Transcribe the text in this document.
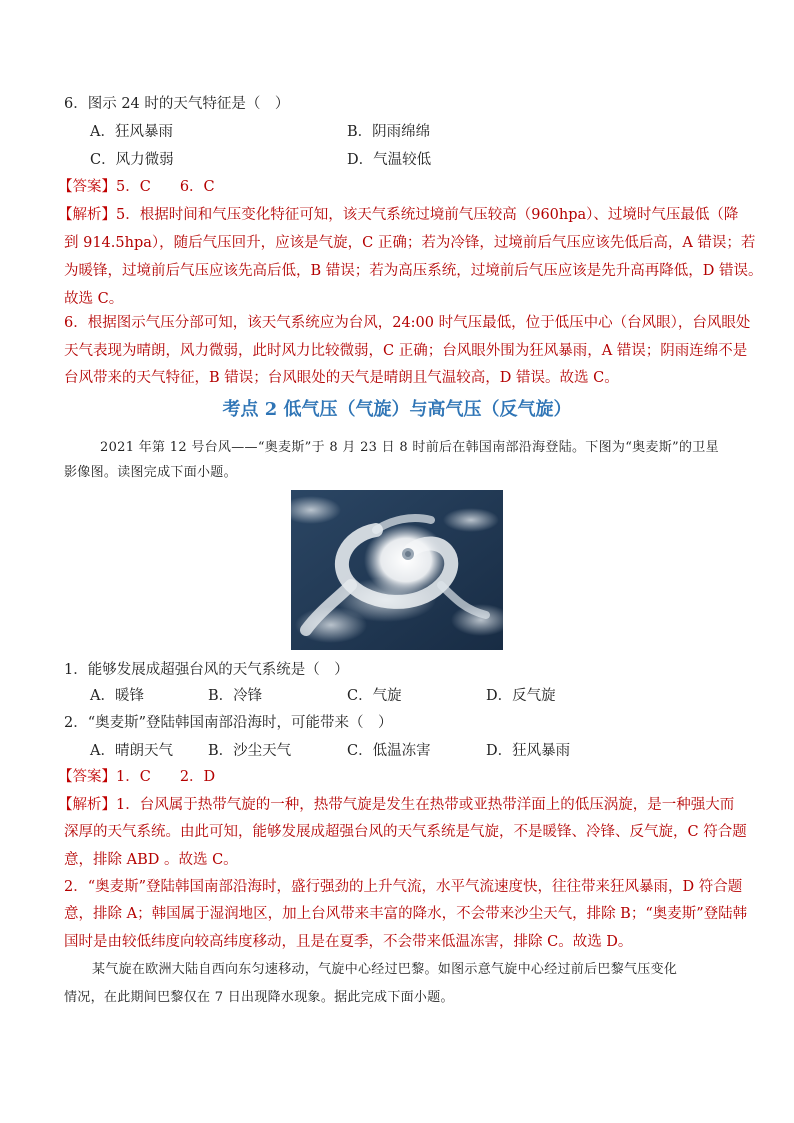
6．图示 24 时的天气特征是（　）
A．狂风暴雨	B．阴雨绵绵
C．风力微弱	D．气温较低
【答案】5．C　　6．C
【解析】5．根据时间和气压变化特征可知，该天气系统过境前气压较高（960hpa）、过境时气压最低（降
到 914.5hpa），随后气压回升，应该是气旋，C 正确；若为冷锋，过境前后气压应该先低后高，A 错误；若
为暖锋，过境前后气压应该先高后低，B 错误；若为高压系统，过境前后气压应该是先升高再降低，D 错误。
故选 C。
6．根据图示气压分部可知，该天气系统应为台风，24:00 时气压最低，位于低压中心（台风眼），台风眼处
天气表现为晴朗，风力微弱，此时风力比较微弱，C 正确；台风眼外围为狂风暴雨，A 错误；阴雨连绵不是
台风带来的天气特征，B 错误；台风眼处的天气是晴朗且气温较高，D 错误。故选 C。
考点 2 低气压（气旋）与高气压（反气旋）
2021 年第 12 号台风——“奥麦斯”于 8 月 23 日 8 时前后在韩国南部沿海登陆。下图为“奥麦斯”的卫星
影像图。读图完成下面小题。
1．能够发展成超强台风的天气系统是（　）
A．暖锋	B．冷锋	C．气旋	D．反气旋
2．“奥麦斯”登陆韩国南部沿海时，可能带来（　）
A．晴朗天气 B．沙尘天气	C．低温冻害	D．狂风暴雨
【答案】1．C　　2．D
【解析】1．台风属于热带气旋的一种，热带气旋是发生在热带或亚热带洋面上的低压涡旋，是一种强大而
深厚的天气系统。由此可知，能够发展成超强台风的天气系统是气旋，不是暖锋、冷锋、反气旋，C 符合题
意，排除 ABD 。故选 C。
2．“奥麦斯”登陆韩国南部沿海时，盛行强劲的上升气流，水平气流速度快，往往带来狂风暴雨，D 符合题
意，排除 A；韩国属于湿润地区，加上台风带来丰富的降水，不会带来沙尘天气，排除 B；“奥麦斯”登陆韩
国时是由较低纬度向较高纬度移动，且是在夏季，不会带来低温冻害，排除 C。故选 D。
某气旋在欧洲大陆自西向东匀速移动，气旋中心经过巴黎。如图示意气旋中心经过前后巴黎气压变化
情况，在此期间巴黎仅在 7 日出现降水现象。据此完成下面小题。
